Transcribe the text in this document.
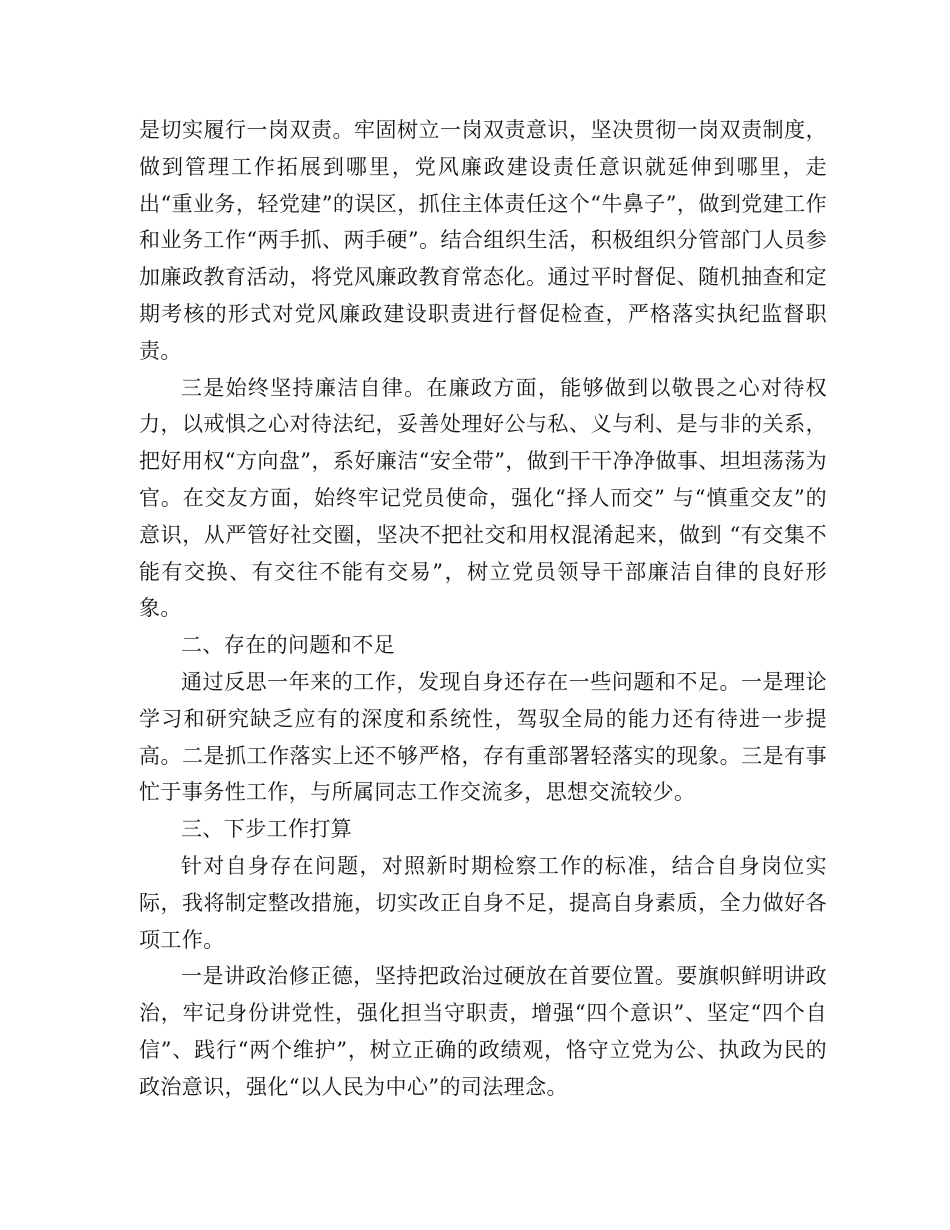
是切实履行一岗双责。牢固树立一岗双责意识，坚决贯彻一岗双责制度，做到管理工作拓展到哪里，党风廉政建设责任意识就延伸到哪里，走出“重业务，轻党建”的误区，抓住主体责任这个“牛鼻子”，做到党建工作和业务工作“两手抓、两手硬”。结合组织生活，积极组织分管部门人员参加廉政教育活动，将党风廉政教育常态化。通过平时督促、随机抽查和定期考核的形式对党风廉政建设职责进行督促检查，严格落实执纪监督职责。

三是始终坚持廉洁自律。在廉政方面，能够做到以敬畏之心对待权力，以戒惧之心对待法纪，妥善处理好公与私、义与利、是与非的关系，把好用权“方向盘”，系好廉洁“安全带”，做到干干净净做事、坦坦荡荡为官。在交友方面，始终牢记党员使命，强化“择人而交” 与“慎重交友”的意识，从严管好社交圈，坚决不把社交和用权混淆起来，做到 “有交集不能有交换、有交往不能有交易”，树立党员领导干部廉洁自律的良好形象。

二、存在的问题和不足

通过反思一年来的工作，发现自身还存在一些问题和不足。一是理论学习和研究缺乏应有的深度和系统性，驾驭全局的能力还有待进一步提高。二是抓工作落实上还不够严格，存有重部署轻落实的现象。三是有事忙于事务性工作，与所属同志工作交流多，思想交流较少。

三、下步工作打算

针对自身存在问题，对照新时期检察工作的标准，结合自身岗位实际，我将制定整改措施，切实改正自身不足，提高自身素质，全力做好各项工作。

一是讲政治修正德，坚持把政治过硬放在首要位置。要旗帜鲜明讲政治，牢记身份讲党性，强化担当守职责，增强“四个意识”、坚定“四个自信”、践行“两个维护”，树立正确的政绩观，恪守立党为公、执政为民的政治意识，强化“以人民为中心”的司法理念。
